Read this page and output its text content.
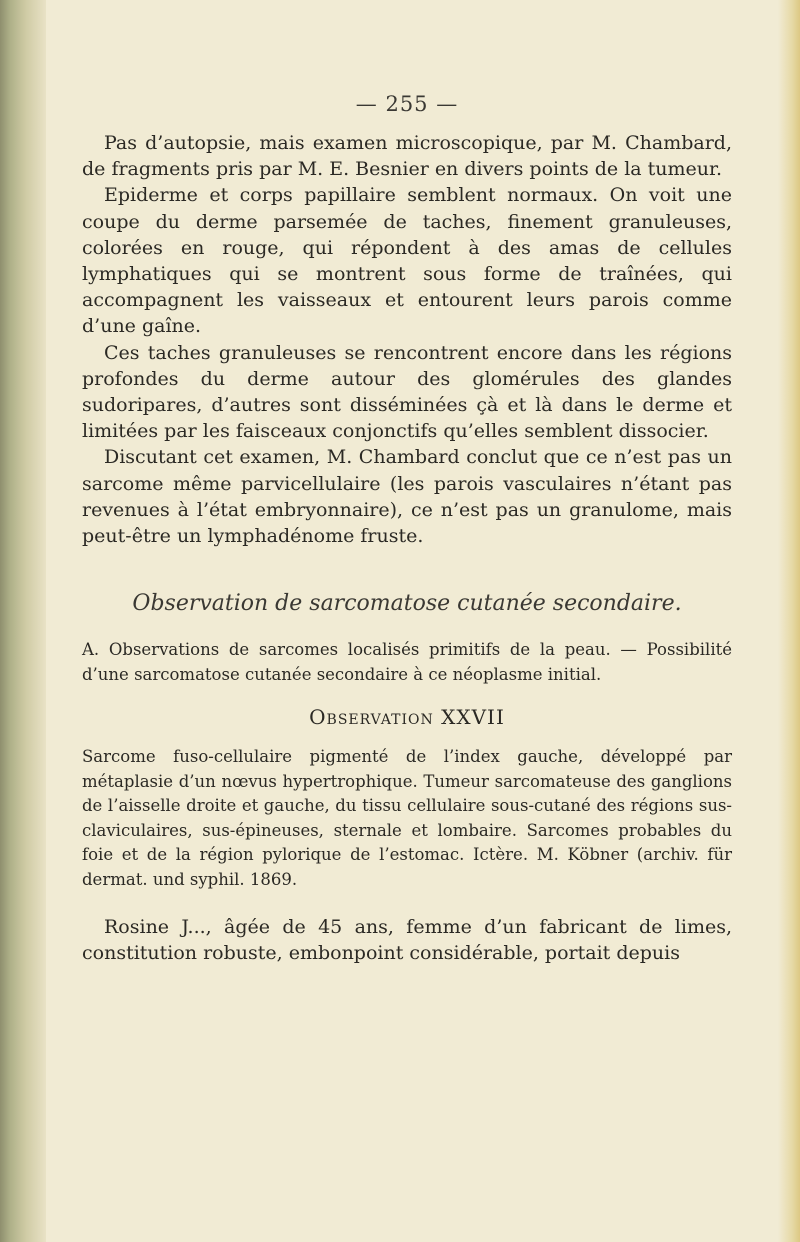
— 255 —

Pas d’autopsie, mais examen microscopique, par M. Chambard, de fragments pris par M. E. Besnier en divers points de la tumeur.

Epiderme et corps papillaire semblent normaux. On voit une coupe du derme parsemée de taches, finement granuleuses, colorées en rouge, qui répondent à des amas de cellules lymphatiques qui se montrent sous forme de traînées, qui accompagnent les vaisseaux et entourent leurs parois comme d’une gaîne.

Ces taches granuleuses se rencontrent encore dans les régions profondes du derme autour des glomérules des glandes sudoripares, d’autres sont disséminées çà et là dans le derme et limitées par les faisceaux conjonctifs qu’elles semblent dissocier.

Discutant cet examen, M. Chambard conclut que ce n’est pas un sarcome même parvicellulaire (les parois vasculaires n’étant pas revenues à l’état embryonnaire), ce n’est pas un granulome, mais peut-être un lymphadénome fruste.

Observation de sarcomatose cutanée secondaire.

A. Observations de sarcomes localisés primitifs de la peau. — Possibilité d’une sarcomatose cutanée secondaire à ce néoplasme initial.

Observation XXVII

Sarcome fuso-cellulaire pigmenté de l’index gauche, développé par métaplasie d’un nœvus hypertrophique. Tumeur sarcomateuse des ganglions de l’aisselle droite et gauche, du tissu cellulaire sous-cutané des régions sus-claviculaires, sus-épineuses, sternale et lombaire. Sarcomes probables du foie et de la région pylorique de l’estomac. Ictère. M. Köbner (archiv. für dermat. und syphil. 1869.

Rosine J..., âgée de 45 ans, femme d’un fabricant de limes, constitution robuste, embonpoint considérable, portait depuis
